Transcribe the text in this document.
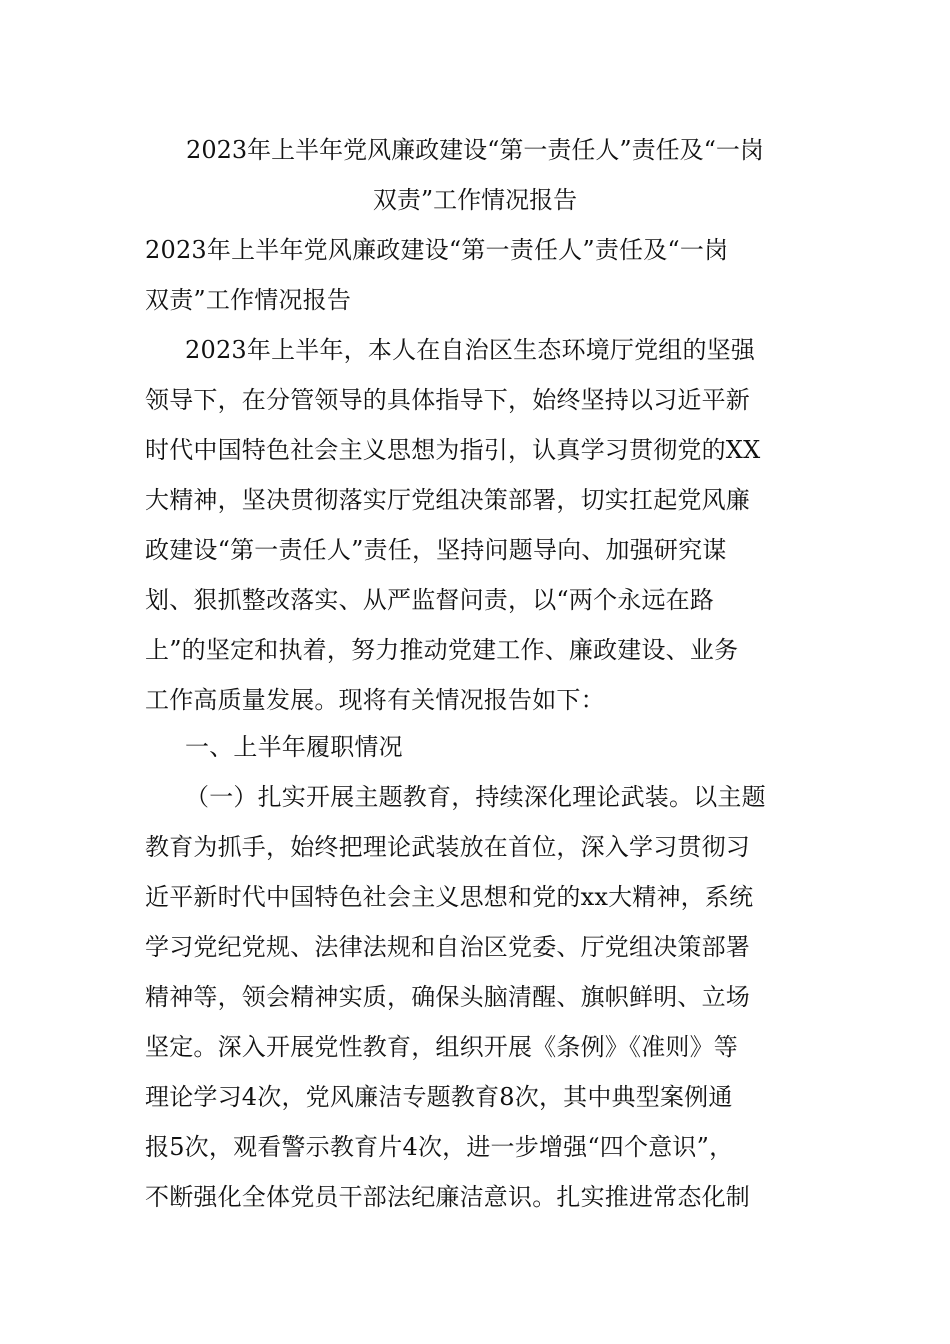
2023年上半年党风廉政建设“第一责任人”责任及“一岗
双责”工作情况报告
2023年上半年党风廉政建设“第一责任人”责任及“一岗
双责”工作情况报告
2023年上半年，本人在自治区生态环境厅党组的坚强
领导下，在分管领导的具体指导下，始终坚持以习近平新
时代中国特色社会主义思想为指引，认真学习贯彻党的XX
大精神，坚决贯彻落实厅党组决策部署，切实扛起党风廉
政建设“第一责任人”责任，坚持问题导向、加强研究谋
划、狠抓整改落实、从严监督问责，以“两个永远在路
上”的坚定和执着，努力推动党建工作、廉政建设、业务
工作高质量发展。现将有关情况报告如下：
一、上半年履职情况
（一）扎实开展主题教育，持续深化理论武装。以主题
教育为抓手，始终把理论武装放在首位，深入学习贯彻习
近平新时代中国特色社会主义思想和党的xx大精神，系统
学习党纪党规、法律法规和自治区党委、厅党组决策部署
精神等，领会精神实质，确保头脑清醒、旗帜鲜明、立场
坚定。深入开展党性教育，组织开展《条例》《准则》等
理论学习4次，党风廉洁专题教育8次，其中典型案例通
报5次，观看警示教育片4次，进一步增强“四个意识”，
不断强化全体党员干部法纪廉洁意识。扎实推进常态化制
